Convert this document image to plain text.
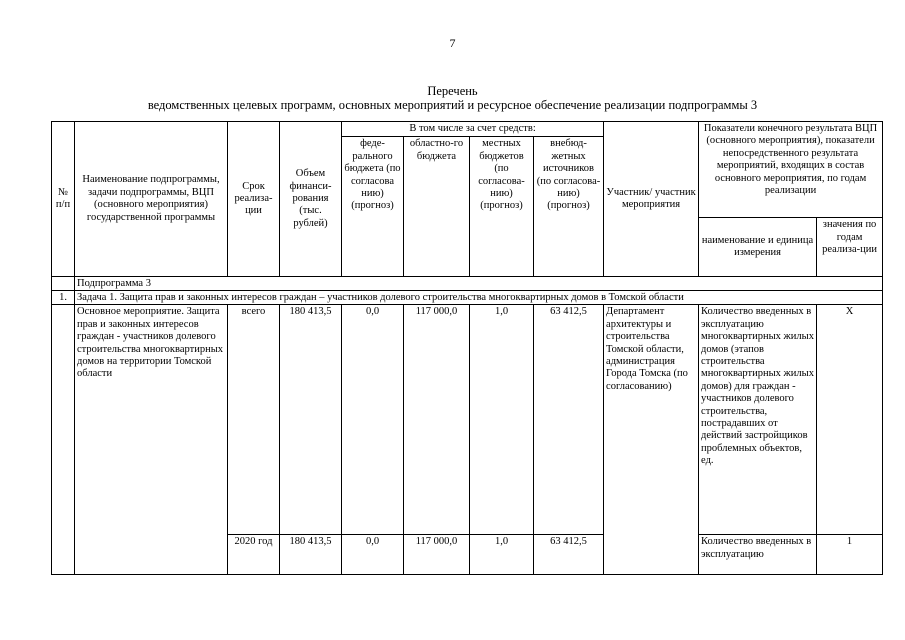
7
Перечень
ведомственных целевых программ, основных мероприятий и ресурсное обеспечение реализации подпрограммы 3
№ п/п	Наименование подпрограммы, задачи подпрограммы, ВЦП (основного мероприятия) государственной программы	Срок реализа-ции	Объем финанси-рования (тыс. рублей)	В том числе за счет средств:				Участник/ участник мероприятия	Показатели конечного результата ВЦП (основного мероприятия), показатели непосредственного результата мероприятий, входящих в состав основного мероприятия, по годам реализации	
				феде-рального бюджета (по согласова нию) (прогноз)	областно-го бюджета	местных бюджетов (по согласова-нию) (прогноз)	внебюд-жетных источников (по согласова-нию) (прогноз)			
									наименование и единица измерения	значения по годам реализа-ции
	Подпрограмма 3									
1.	Задача 1. Защита прав и законных интересов граждан – участников долевого строительства многоквартирных домов в Томской области									
	Основное мероприятие. Защита прав и законных интересов граждан - участников долевого строительства многоквартирных домов на территории Томской области	всего	180 413,5	0,0	117 000,0	1,0	63 412,5	Департамент архитектуры и строительства Томской области, администрация Города Томска (по согласованию)	Количество введенных в эксплуатацию многоквартирных жилых домов (этапов строительства многоквартирных жилых домов) для граждан - участников долевого строительства, пострадавших от действий застройщиков проблемных объектов, ед.	X
		2020 год	180 413,5	0,0	117 000,0	1,0	63 412,5		Количество введенных в эксплуатацию	1
